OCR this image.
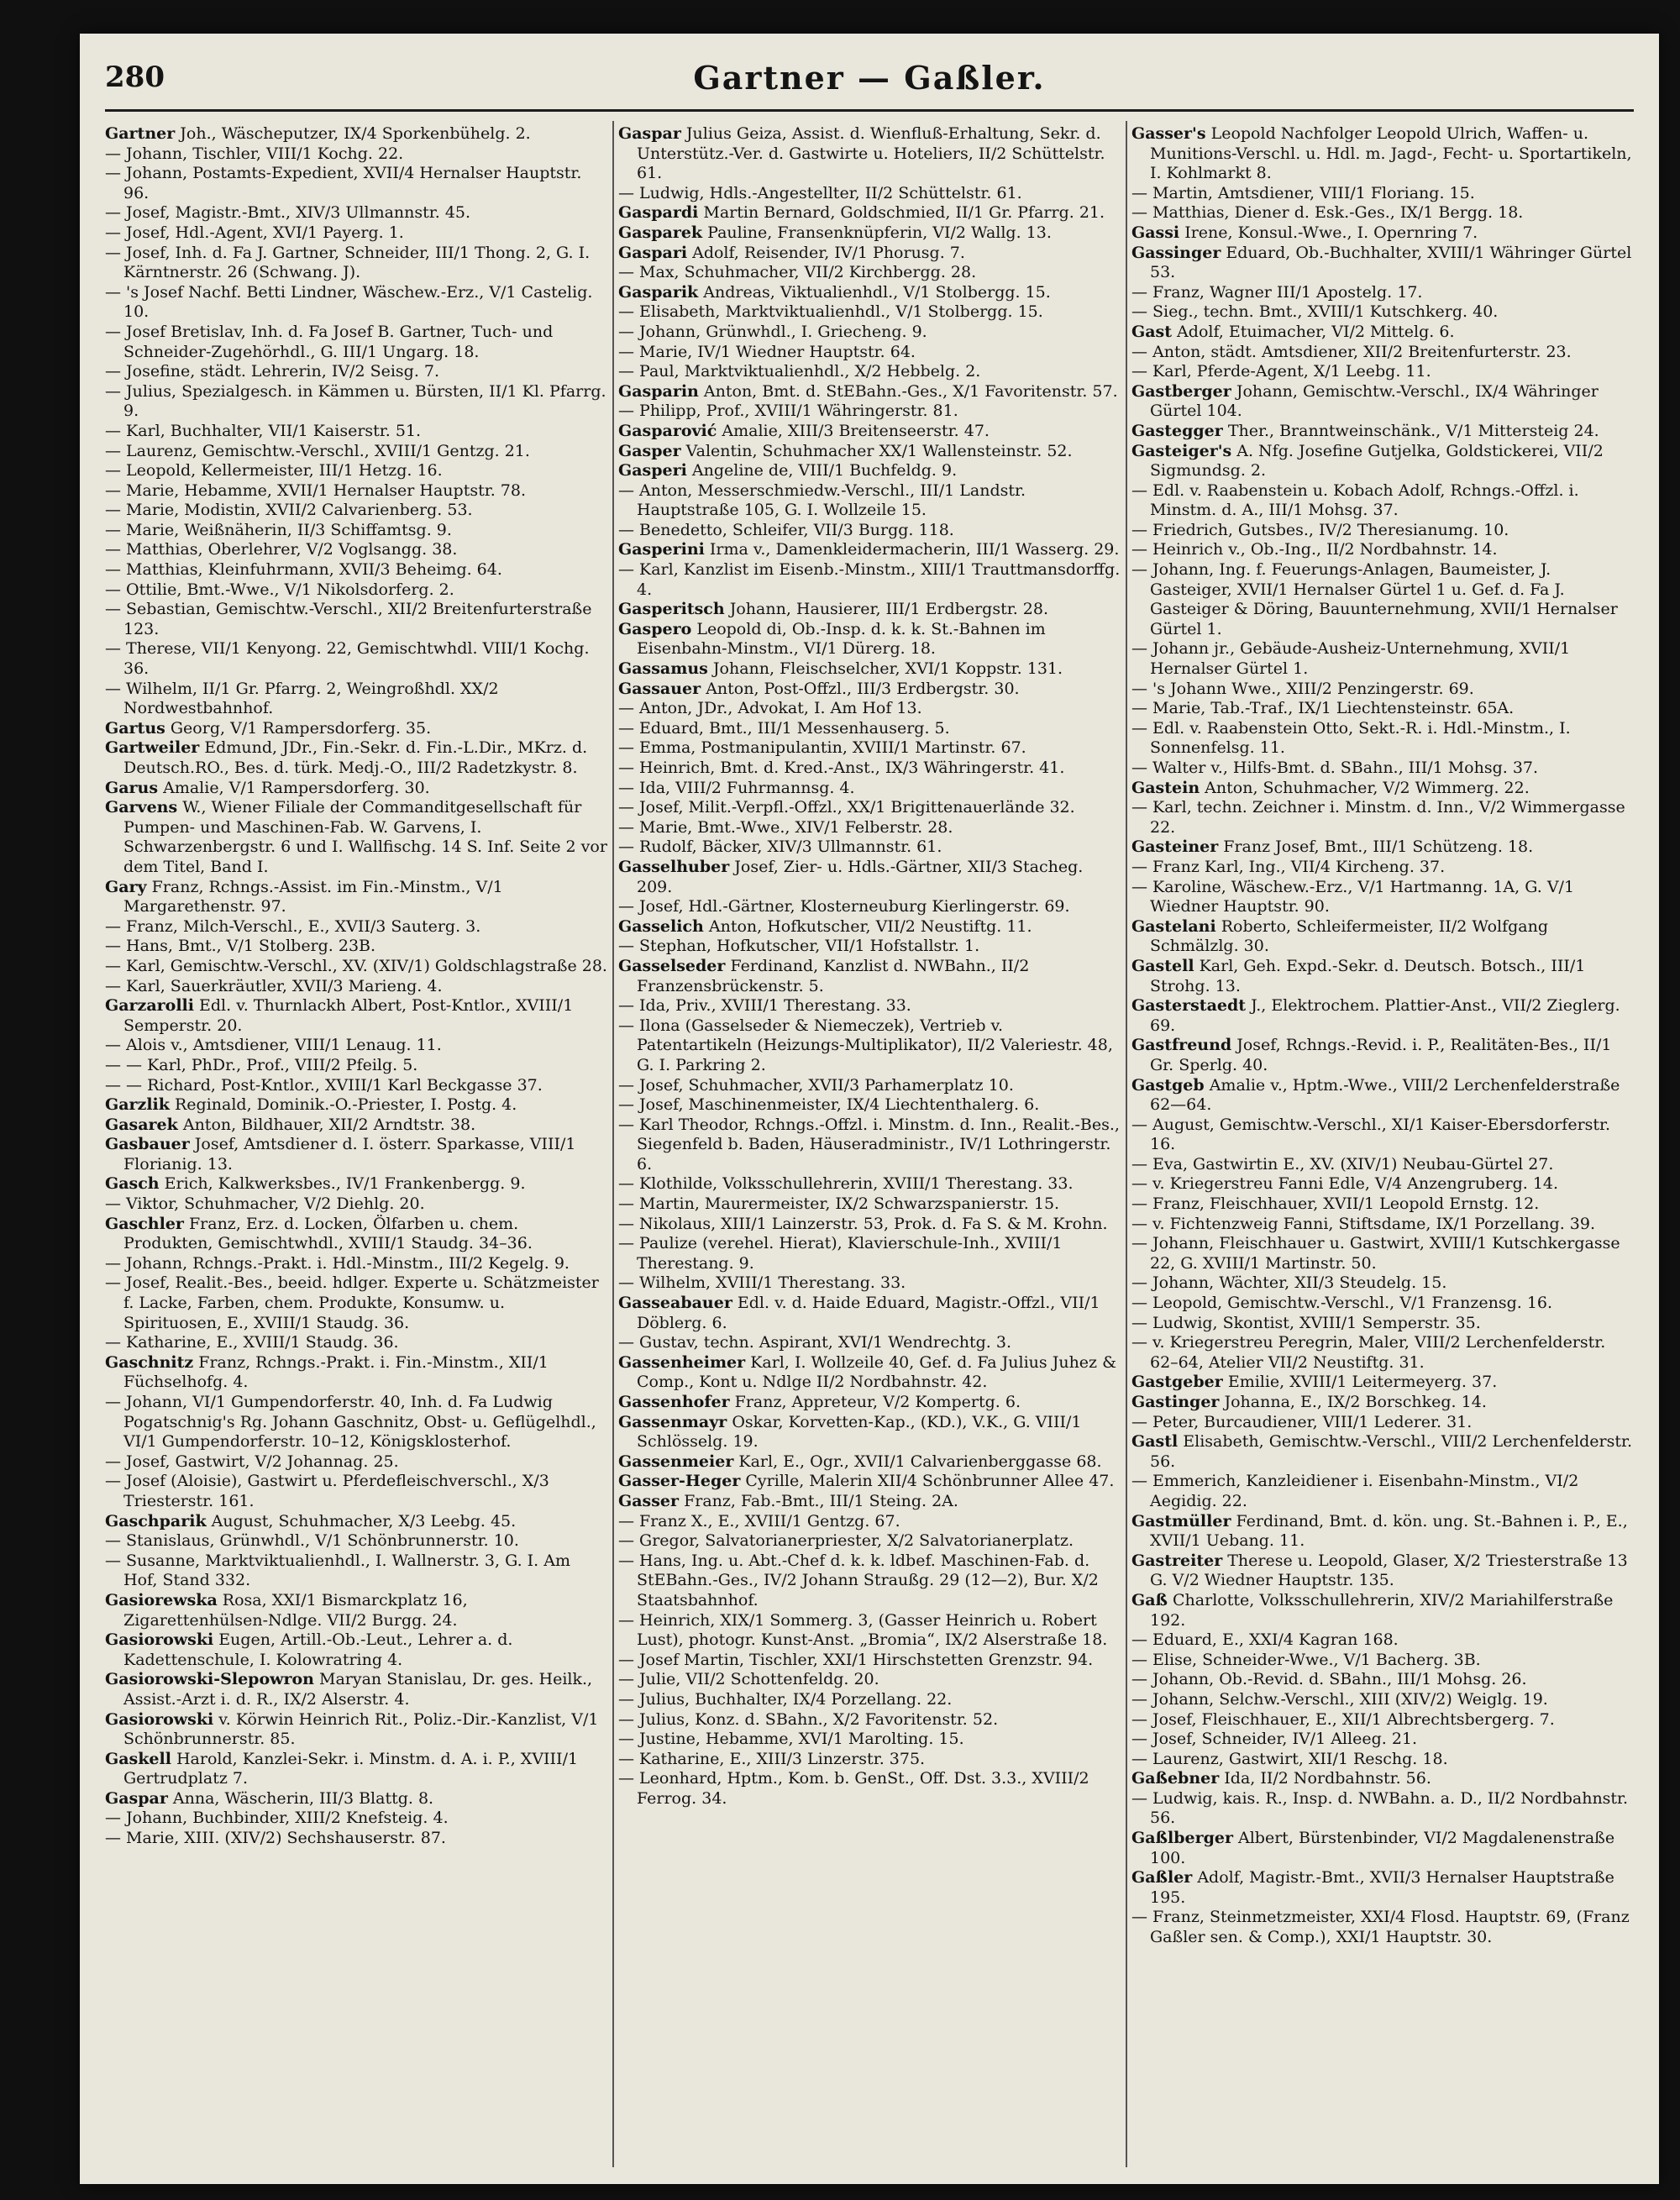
280	Gartner — Gaßler.

Gartner Joh., Wäscheputzer, IX/4 Sporkenbühelg. 2.

— Johann, Tischler, VIII/1 Kochg. 22.

— Johann, Postamts-Expedient, XVII/4 Hernalser Hauptstr. 96.

— Josef, Magistr.-Bmt., XIV/3 Ullmannstr. 45.

— Josef, Hdl.-Agent, XVI/1 Payerg. 1.

— Josef, Inh. d. Fa J. Gartner, Schneider, III/1 Thong. 2, G. I. Kärntnerstr. 26 (Schwang. J).

— 's Josef Nachf. Betti Lindner, Wäschew.-Erz., V/1 Castelig. 10.

— Josef Bretislav, Inh. d. Fa Josef B. Gartner, Tuch- und Schneider-Zugehörhdl., G. III/1 Ungarg. 18.

— Josefine, städt. Lehrerin, IV/2 Seisg. 7.

— Julius, Spezialgesch. in Kämmen u. Bürsten, II/1 Kl. Pfarrg. 9.

— Karl, Buchhalter, VII/1 Kaiserstr. 51.

— Laurenz, Gemischtw.-Verschl., XVIII/1 Gentzg. 21.

— Leopold, Kellermeister, III/1 Hetzg. 16.

— Marie, Hebamme, XVII/1 Hernalser Hauptstr. 78.

— Marie, Modistin, XVII/2 Calvarienberg. 53.

— Marie, Weißnäherin, II/3 Schiffamtsg. 9.

— Matthias, Oberlehrer, V/2 Voglsangg. 38.

— Matthias, Kleinfuhrmann, XVII/3 Beheimg. 64.

— Ottilie, Bmt.-Wwe., V/1 Nikolsdorferg. 2.

— Sebastian, Gemischtw.-Verschl., XII/2 Breitenfurterstraße 123.

— Therese, VII/1 Kenyong. 22, Gemischtwhdl. VIII/1 Kochg. 36.

— Wilhelm, II/1 Gr. Pfarrg. 2, Weingroßhdl. XX/2 Nordwestbahnhof.

Gartus Georg, V/1 Rampersdorferg. 35.

Gartweiler Edmund, JDr., Fin.-Sekr. d. Fin.-L.Dir., MKrz. d. Deutsch.RO., Bes. d. türk. Medj.-O., III/2 Radetzkystr. 8.

Garus Amalie, V/1 Rampersdorferg. 30.

Garvens W., Wiener Filiale der Commanditgesellschaft für Pumpen- und Maschinen-Fab. W. Garvens, I. Schwarzenbergstr. 6 und I. Wallfischg. 14 S. Inf. Seite 2 vor dem Titel, Band I.

Gary Franz, Rchngs.-Assist. im Fin.-Minstm., V/1 Margarethenstr. 97.

— Franz, Milch-Verschl., E., XVII/3 Sauterg. 3.

— Hans, Bmt., V/1 Stolberg. 23B.

— Karl, Gemischtw.-Verschl., XV. (XIV/1) Goldschlagstraße 28.

— Karl, Sauerkräutler, XVII/3 Marieng. 4.

Garzarolli Edl. v. Thurnlackh Albert, Post-Kntlor., XVIII/1 Semperstr. 20.

— Alois v., Amtsdiener, VIII/1 Lenaug. 11.

— — Karl, PhDr., Prof., VIII/2 Pfeilg. 5.

— — Richard, Post-Kntlor., XVIII/1 Karl Beckgasse 37.

Garzlik Reginald, Dominik.-O.-Priester, I. Postg. 4.

Gasarek Anton, Bildhauer, XII/2 Arndtstr. 38.

Gasbauer Josef, Amtsdiener d. I. österr. Sparkasse, VIII/1 Florianig. 13.

Gasch Erich, Kalkwerksbes., IV/1 Frankenbergg. 9.

— Viktor, Schuhmacher, V/2 Diehlg. 20.

Gaschler Franz, Erz. d. Locken, Ölfarben u. chem. Produkten, Gemischtwhdl., XVIII/1 Staudg. 34–36.

— Johann, Rchngs.-Prakt. i. Hdl.-Minstm., III/2 Kegelg. 9.

— Josef, Realit.-Bes., beeid. hdlger. Experte u. Schätzmeister f. Lacke, Farben, chem. Produkte, Konsumw. u. Spirituosen, E., XVIII/1 Staudg. 36.

— Katharine, E., XVIII/1 Staudg. 36.

Gaschnitz Franz, Rchngs.-Prakt. i. Fin.-Minstm., XII/1 Füchselhofg. 4.

— Johann, VI/1 Gumpendorferstr. 40, Inh. d. Fa Ludwig Pogatschnig's Rg. Johann Gaschnitz, Obst- u. Geflügelhdl., VI/1 Gumpendorferstr. 10–12, Königsklosterhof.

— Josef, Gastwirt, V/2 Johannag. 25.

— Josef (Aloisie), Gastwirt u. Pferdefleischverschl., X/3 Triesterstr. 161.

Gaschparik August, Schuhmacher, X/3 Leebg. 45.

— Stanislaus, Grünwhdl., V/1 Schönbrunnerstr. 10.

— Susanne, Marktviktualienhdl., I. Wallnerstr. 3, G. I. Am Hof, Stand 332.

Gasiorewska Rosa, XXI/1 Bismarckplatz 16, Zigarettenhülsen-Ndlge. VII/2 Burgg. 24.

Gasiorowski Eugen, Artill.-Ob.-Leut., Lehrer a. d. Kadettenschule, I. Kolowratring 4.

Gasiorowski-Slepowron Maryan Stanislau, Dr. ges. Heilk., Assist.-Arzt i. d. R., IX/2 Alserstr. 4.

Gasiorowski v. Körwin Heinrich Rit., Poliz.-Dir.-Kanzlist, V/1 Schönbrunnerstr. 85.

Gaskell Harold, Kanzlei-Sekr. i. Minstm. d. A. i. P., XVIII/1 Gertrudplatz 7.

Gaspar Anna, Wäscherin, III/3 Blattg. 8.

— Johann, Buchbinder, XIII/2 Knefsteig. 4.

— Marie, XIII. (XIV/2) Sechshauserstr. 87.

Gaspar Julius Geiza, Assist. d. Wienfluß-Erhaltung, Sekr. d. Unterstütz.-Ver. d. Gastwirte u. Hoteliers, II/2 Schüttelstr. 61.

— Ludwig, Hdls.-Angestellter, II/2 Schüttelstr. 61.

Gaspardi Martin Bernard, Goldschmied, II/1 Gr. Pfarrg. 21.

Gasparek Pauline, Fransenknüpferin, VI/2 Wallg. 13.

Gaspari Adolf, Reisender, IV/1 Phorusg. 7.

— Max, Schuhmacher, VII/2 Kirchbergg. 28.

Gasparik Andreas, Viktualienhdl., V/1 Stolbergg. 15.

— Elisabeth, Marktviktualienhdl., V/1 Stolbergg. 15.

— Johann, Grünwhdl., I. Griecheng. 9.

— Marie, IV/1 Wiedner Hauptstr. 64.

— Paul, Marktviktualienhdl., X/2 Hebbelg. 2.

Gasparin Anton, Bmt. d. StEBahn.-Ges., X/1 Favoritenstr. 57.

— Philipp, Prof., XVIII/1 Währingerstr. 81.

Gasparović Amalie, XIII/3 Breitenseerstr. 47.

Gasper Valentin, Schuhmacher XX/1 Wallensteinstr. 52.

Gasperi Angeline de, VIII/1 Buchfeldg. 9.

— Anton, Messerschmiedw.-Verschl., III/1 Landstr. Hauptstraße 105, G. I. Wollzeile 15.

— Benedetto, Schleifer, VII/3 Burgg. 118.

Gasperini Irma v., Damenkleidermacherin, III/1 Wasserg. 29.

— Karl, Kanzlist im Eisenb.-Minstm., XIII/1 Trauttmansdorffg. 4.

Gasperitsch Johann, Hausierer, III/1 Erdbergstr. 28.

Gaspero Leopold di, Ob.-Insp. d. k. k. St.-Bahnen im Eisenbahn-Minstm., VI/1 Dürerg. 18.

Gassamus Johann, Fleischselcher, XVI/1 Koppstr. 131.

Gassauer Anton, Post-Offzl., III/3 Erdbergstr. 30.

— Anton, JDr., Advokat, I. Am Hof 13.

— Eduard, Bmt., III/1 Messenhauserg. 5.

— Emma, Postmanipulantin, XVIII/1 Martinstr. 67.

— Heinrich, Bmt. d. Kred.-Anst., IX/3 Währingerstr. 41.

— Ida, VIII/2 Fuhrmannsg. 4.

— Josef, Milit.-Verpfl.-Offzl., XX/1 Brigittenauerlände 32.

— Marie, Bmt.-Wwe., XIV/1 Felberstr. 28.

— Rudolf, Bäcker, XIV/3 Ullmannstr. 61.

Gasselhuber Josef, Zier- u. Hdls.-Gärtner, XII/3 Stacheg. 209.

— Josef, Hdl.-Gärtner, Klosterneuburg Kierlingerstr. 69.

Gasselich Anton, Hofkutscher, VII/2 Neustiftg. 11.

— Stephan, Hofkutscher, VII/1 Hofstallstr. 1.

Gasselseder Ferdinand, Kanzlist d. NWBahn., II/2 Franzensbrückenstr. 5.

— Ida, Priv., XVIII/1 Therestang. 33.

— Ilona (Gasselseder & Niemeczek), Vertrieb v. Patentartikeln (Heizungs-Multiplikator), II/2 Valeriestr. 48, G. I. Parkring 2.

— Josef, Schuhmacher, XVII/3 Parhamerplatz 10.

— Josef, Maschinenmeister, IX/4 Liechtenthalerg. 6.

— Karl Theodor, Rchngs.-Offzl. i. Minstm. d. Inn., Realit.-Bes., Siegenfeld b. Baden, Häuseradministr., IV/1 Lothringerstr. 6.

— Klothilde, Volksschullehrerin, XVIII/1 Therestang. 33.

— Martin, Maurermeister, IX/2 Schwarzspanierstr. 15.

— Nikolaus, XIII/1 Lainzerstr. 53, Prok. d. Fa S. & M. Krohn.

— Paulize (verehel. Hierat), Klavierschule-Inh., XVIII/1 Therestang. 9.

— Wilhelm, XVIII/1 Therestang. 33.

Gasseabauer Edl. v. d. Haide Eduard, Magistr.-Offzl., VII/1 Döblerg. 6.

— Gustav, techn. Aspirant, XVI/1 Wendrechtg. 3.

Gassenheimer Karl, I. Wollzeile 40, Gef. d. Fa Julius Juhez & Comp., Kont u. Ndlge II/2 Nordbahnstr. 42.

Gassenhofer Franz, Appreteur, V/2 Kompertg. 6.

Gassenmayr Oskar, Korvetten-Kap., (KD.), V.K., G. VIII/1 Schlösselg. 19.

Gassenmeier Karl, E., Ogr., XVII/1 Calvarienberggasse 68.

Gasser-Heger Cyrille, Malerin XII/4 Schönbrunner Allee 47.

Gasser Franz, Fab.-Bmt., III/1 Steing. 2A.

— Franz X., E., XVIII/1 Gentzg. 67.

— Gregor, Salvatorianerpriester, X/2 Salvatorianerplatz.

— Hans, Ing. u. Abt.-Chef d. k. k. ldbef. Maschinen-Fab. d. StEBahn.-Ges., IV/2 Johann Straußg. 29 (12—2), Bur. X/2 Staatsbahnhof.

— Heinrich, XIX/1 Sommerg. 3, (Gasser Heinrich u. Robert Lust), photogr. Kunst-Anst. „Bromia“, IX/2 Alserstraße 18.

— Josef Martin, Tischler, XXI/1 Hirschstetten Grenzstr. 94.

— Julie, VII/2 Schottenfeldg. 20.

— Julius, Buchhalter, IX/4 Porzellang. 22.

— Julius, Konz. d. SBahn., X/2 Favoritenstr. 52.

— Justine, Hebamme, XVI/1 Marolting. 15.

— Katharine, E., XIII/3 Linzerstr. 375.

— Leonhard, Hptm., Kom. b. GenSt., Off. Dst. 3.3., XVIII/2 Ferrog. 34.

Gasser's Leopold Nachfolger Leopold Ulrich, Waffen- u. Munitions-Verschl. u. Hdl. m. Jagd-, Fecht- u. Sportartikeln, I. Kohlmarkt 8.

— Martin, Amtsdiener, VIII/1 Floriang. 15.

— Matthias, Diener d. Esk.-Ges., IX/1 Bergg. 18.

Gassi Irene, Konsul.-Wwe., I. Opernring 7.

Gassinger Eduard, Ob.-Buchhalter, XVIII/1 Währinger Gürtel 53.

— Franz, Wagner III/1 Apostelg. 17.

— Sieg., techn. Bmt., XVIII/1 Kutschkerg. 40.

Gast Adolf, Etuimacher, VI/2 Mittelg. 6.

— Anton, städt. Amtsdiener, XII/2 Breitenfurterstr. 23.

— Karl, Pferde-Agent, X/1 Leebg. 11.

Gastberger Johann, Gemischtw.-Verschl., IX/4 Währinger Gürtel 104.

Gastegger Ther., Branntweinschänk., V/1 Mittersteig 24.

Gasteiger's A. Nfg. Josefine Gutjelka, Goldstickerei, VII/2 Sigmundsg. 2.

— Edl. v. Raabenstein u. Kobach Adolf, Rchngs.-Offzl. i. Minstm. d. A., III/1 Mohsg. 37.

— Friedrich, Gutsbes., IV/2 Theresianumg. 10.

— Heinrich v., Ob.-Ing., II/2 Nordbahnstr. 14.

— Johann, Ing. f. Feuerungs-Anlagen, Baumeister, J. Gasteiger, XVII/1 Hernalser Gürtel 1 u. Gef. d. Fa J. Gasteiger & Döring, Bauunternehmung, XVII/1 Hernalser Gürtel 1.

— Johann jr., Gebäude-Ausheiz-Unternehmung, XVII/1 Hernalser Gürtel 1.

— 's Johann Wwe., XIII/2 Penzingerstr. 69.

— Marie, Tab.-Traf., IX/1 Liechtensteinstr. 65A.

— Edl. v. Raabenstein Otto, Sekt.-R. i. Hdl.-Minstm., I. Sonnenfelsg. 11.

— Walter v., Hilfs-Bmt. d. SBahn., III/1 Mohsg. 37.

Gastein Anton, Schuhmacher, V/2 Wimmerg. 22.

— Karl, techn. Zeichner i. Minstm. d. Inn., V/2 Wimmergasse 22.

Gasteiner Franz Josef, Bmt., III/1 Schützeng. 18.

— Franz Karl, Ing., VII/4 Kircheng. 37.

— Karoline, Wäschew.-Erz., V/1 Hartmanng. 1A, G. V/1 Wiedner Hauptstr. 90.

Gastelani Roberto, Schleifermeister, II/2 Wolfgang Schmälzlg. 30.

Gastell Karl, Geh. Expd.-Sekr. d. Deutsch. Botsch., III/1 Strohg. 13.

Gasterstaedt J., Elektrochem. Plattier-Anst., VII/2 Zieglerg. 69.

Gastfreund Josef, Rchngs.-Revid. i. P., Realitäten-Bes., II/1 Gr. Sperlg. 40.

Gastgeb Amalie v., Hptm.-Wwe., VIII/2 Lerchenfelderstraße 62—64.

— August, Gemischtw.-Verschl., XI/1 Kaiser-Ebersdorferstr. 16.

— Eva, Gastwirtin E., XV. (XIV/1) Neubau-Gürtel 27.

— v. Kriegerstreu Fanni Edle, V/4 Anzengruberg. 14.

— Franz, Fleischhauer, XVII/1 Leopold Ernstg. 12.

— v. Fichtenzweig Fanni, Stiftsdame, IX/1 Porzellang. 39.

— Johann, Fleischhauer u. Gastwirt, XVIII/1 Kutschkergasse 22, G. XVIII/1 Martinstr. 50.

— Johann, Wächter, XII/3 Steudelg. 15.

— Leopold, Gemischtw.-Verschl., V/1 Franzensg. 16.

— Ludwig, Skontist, XVIII/1 Semperstr. 35.

— v. Kriegerstreu Peregrin, Maler, VIII/2 Lerchenfelderstr. 62–64, Atelier VII/2 Neustiftg. 31.

Gastgeber Emilie, XVIII/1 Leitermeyerg. 37.

Gastinger Johanna, E., IX/2 Borschkeg. 14.

— Peter, Burcaudiener, VIII/1 Lederer. 31.

Gastl Elisabeth, Gemischtw.-Verschl., VIII/2 Lerchenfelderstr. 56.

— Emmerich, Kanzleidiener i. Eisenbahn-Minstm., VI/2 Aegidig. 22.

Gastmüller Ferdinand, Bmt. d. kön. ung. St.-Bahnen i. P., E., XVII/1 Uebang. 11.

Gastreiter Therese u. Leopold, Glaser, X/2 Triesterstraße 13 G. V/2 Wiedner Hauptstr. 135.

Gaß Charlotte, Volksschullehrerin, XIV/2 Mariahilferstraße 192.

— Eduard, E., XXI/4 Kagran 168.

— Elise, Schneider-Wwe., V/1 Bacherg. 3B.

— Johann, Ob.-Revid. d. SBahn., III/1 Mohsg. 26.

— Johann, Selchw.-Verschl., XIII (XIV/2) Weiglg. 19.

— Josef, Fleischhauer, E., XII/1 Albrechtsbergerg. 7.

— Josef, Schneider, IV/1 Alleeg. 21.

— Laurenz, Gastwirt, XII/1 Reschg. 18.

Gaßebner Ida, II/2 Nordbahnstr. 56.

— Ludwig, kais. R., Insp. d. NWBahn. a. D., II/2 Nordbahnstr. 56.

Gaßlberger Albert, Bürstenbinder, VI/2 Magdalenenstraße 100.

Gaßler Adolf, Magistr.-Bmt., XVII/3 Hernalser Hauptstraße 195.

— Franz, Steinmetzmeister, XXI/4 Flosd. Hauptstr. 69, (Franz Gaßler sen. & Comp.), XXI/1 Hauptstr. 30.
